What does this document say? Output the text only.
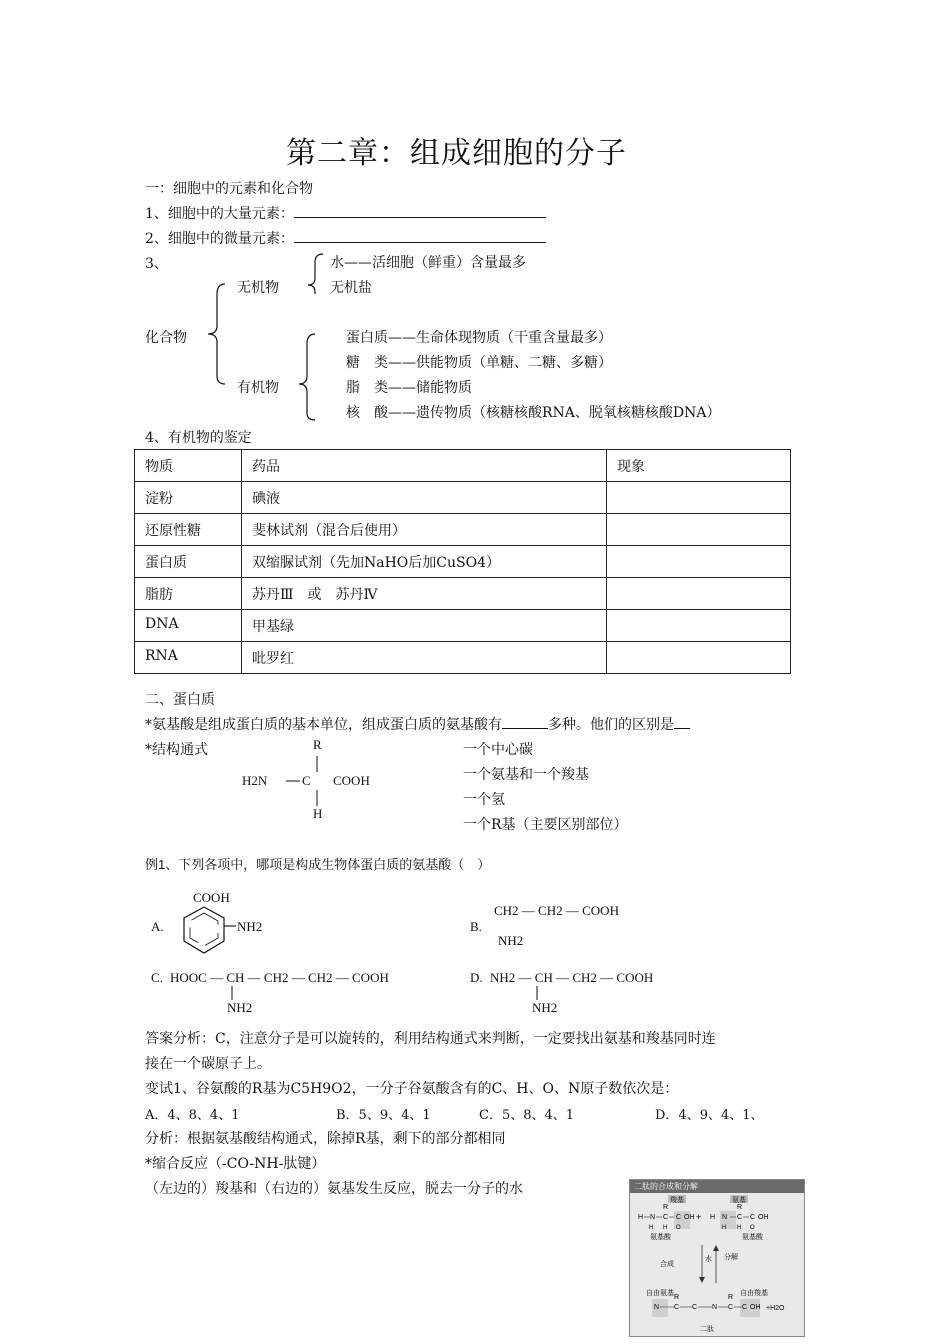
第二章：组成细胞的分子
一：细胞中的元素和化合物
1、细胞中的大量元素：
2、细胞中的微量元素：
3、
化合物
无机物
水——活细胞（鲜重）含量最多
无机盐
有机物
蛋白质——生命体现物质（干重含量最多）
糖　类——供能物质（单糖、二糖、多糖）
脂　类——储能物质
核　酸——遗传物质（核糖核酸RNA、脱氧核糖核酸DNA）
4、有机物的鉴定
物质	药品	现象
淀粉	碘液	
还原性糖	斐林试剂（混合后使用）	
蛋白质	双缩脲试剂（先加NaHO后加CuSO4）	
脂肪	苏丹Ⅲ　或　苏丹Ⅳ	
DNA	甲基绿	
RNA	吡罗红	
二、蛋白质
*氨基酸是组成蛋白质的基本单位，组成蛋白质的氨基酸有	多种。他们的区别是
*结构通式	R
H2N	C COOH
H
一个中心碳
一个氨基和一个羧基
一个氢
一个R基（主要区别部位）
例1、下列各项中，哪项是构成生物体蛋白质的氨基酸（　）
A.
COOH
NH2	B.
CH2 — CH2 — COOH
NH2
C. HOOC — CH — CH2 — CH2 — COOH
NH2
D. NH2 — CH — CH2 — COOH
NH2
答案分析：C，注意分子是可以旋转的，利用结构通式来判断，一定要找出氨基和羧基同时连
接在一个碳原子上。
变试1、谷氨酸的R基为C5H9O2，一分子谷氨酸含有的C、H、O、N原子数依次是：
A．4、8、4、1	B．5、9、4、1	C．5、8、4、1	D．4、9、4、1、
分析：根据氨基酸结构通式，除掉R基，剩下的部分都相同
*缩合反应（-CO-NH-肽键）
（左边的）羧基和（右边的）氨基发生反应，脱去一分子的水	二肽的合成和分解
羧基	氨基
H N C
R
C OH
H H O
+ H N C
R
C OH
H H O
氨基酸	氨基酸
合成
水 分解
自由氨基	自由羧基
N C
R
C N C
R
C OH +H2O
二肽
